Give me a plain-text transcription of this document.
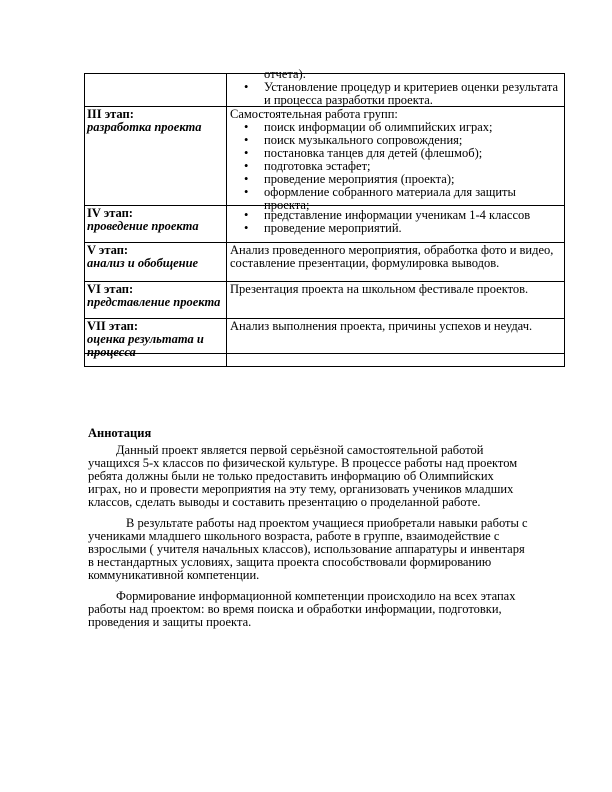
отчета).
• Установление процедур и критериев оценки результата и процесса разработки проекта.
III этап:
разработка проекта

Самостоятельная работа групп:

• поиск информации об олимпийских играх;
• поиск музыкального сопровождения;
• постановка танцев для детей (флешмоб);
• подготовка эстафет;
• проведение мероприятия (проекта);
• оформление собранного материала для защиты проекта;
IV этап:
проведение проекта
• представление информации ученикам 1-4 классов
• проведение мероприятий.
V этап:
анализ и обобщение

Анализ проведенного мероприятия, обработка фото и видео, составление презентации, формулировка выводов.

VI этап:
представление проекта

Презентация проекта на школьном фестивале проектов.

VII этап:
оценка результата и процесса

Анализ выполнения проекта, причины успехов и неудач.

Аннотация

Данный проект является первой серьёзной самостоятельной работой учащихся 5-х классов по физической культуре. В процессе работы над проектом ребята должны были не только предоставить информацию об Олимпийских играх, но и провести мероприятия на эту тему, организовать учеников младших классов, сделать выводы и составить презентацию о проделанной работе.

В результате работы над проектом учащиеся приобретали навыки работы с учениками младшего школьного возраста, работе в группе, взаимодействие с взрослыми ( учителя начальных классов), использование аппаратуры и инвентаря в нестандартных условиях, защита проекта способствовали формированию коммуникативной компетенции.

Формирование информационной компетенции происходило на всех этапах работы над проектом: во время поиска и обработки информации, подготовки, проведения и защиты проекта.
